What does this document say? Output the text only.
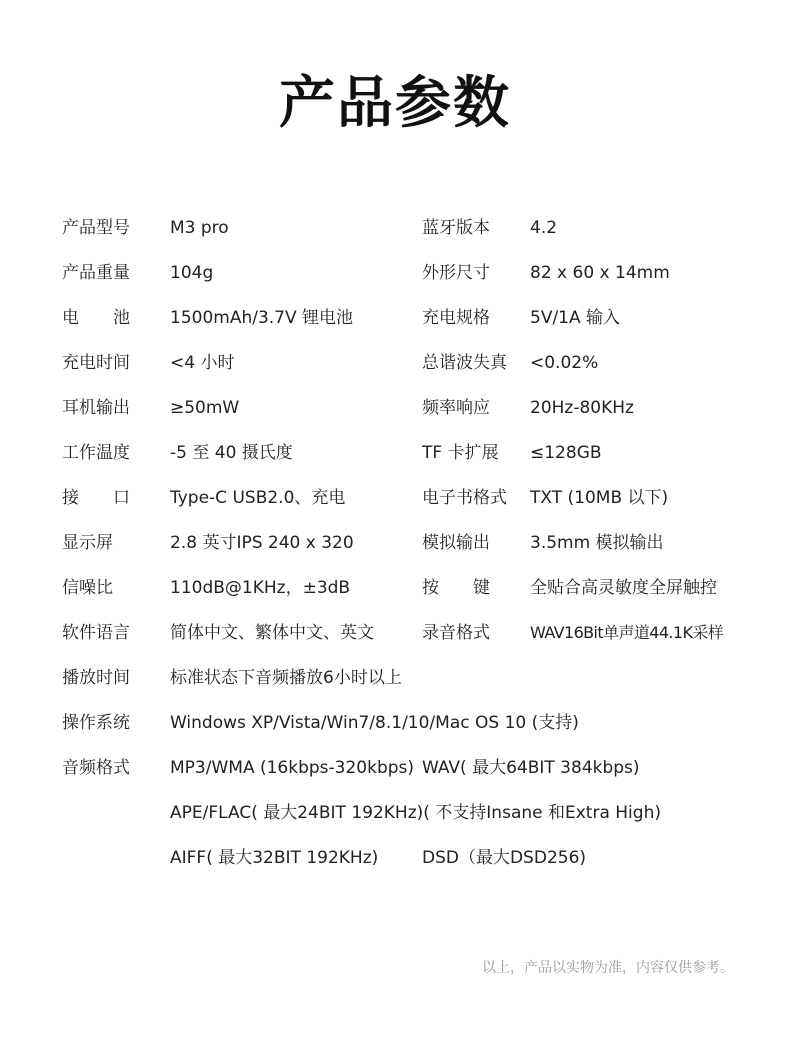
产品参数
产品型号 M3 pro	蓝牙版本 4.2
产品重量 104g	外形尺寸 82 x 60 x 14mm
电　　池 1500mAh/3.7V 锂电池	充电规格 5V/1A 输入
充电时间 <4 小时	总谐波失真 <0.02%
耳机输出 ≥50mW	频率响应 20Hz-80KHz
工作温度 -5 至 40 摄氏度	TF 卡扩展 ≤128GB
接　　口 Type-C USB2.0、充电	电子书格式 TXT (10MB 以下)
显示屏	2.8 英寸IPS 240 x 320	模拟输出 3.5mm 模拟输出
信噪比	110dB@1KHz，±3dB	按　　键 全贴合高灵敏度全屏触控
软件语言 简体中文、繁体中文、英文	录音格式	WAV16Bit单声道44.1K采样
播放时间 标准状态下音频播放6小时以上
操作系统 Windows XP/Vista/Win7/8.1/10/Mac OS 10 (支持)
音频格式 MP3/WMA (16kbps-320kbps) WAV( 最大64BIT 384kbps)
APE/FLAC( 最大24BIT 192KHz)( 不支持Insane 和Extra High)
AIFF( 最大32BIT 192KHz)	DSD（最大DSD256)
以上，产品以实物为准，内容仅供参考。
